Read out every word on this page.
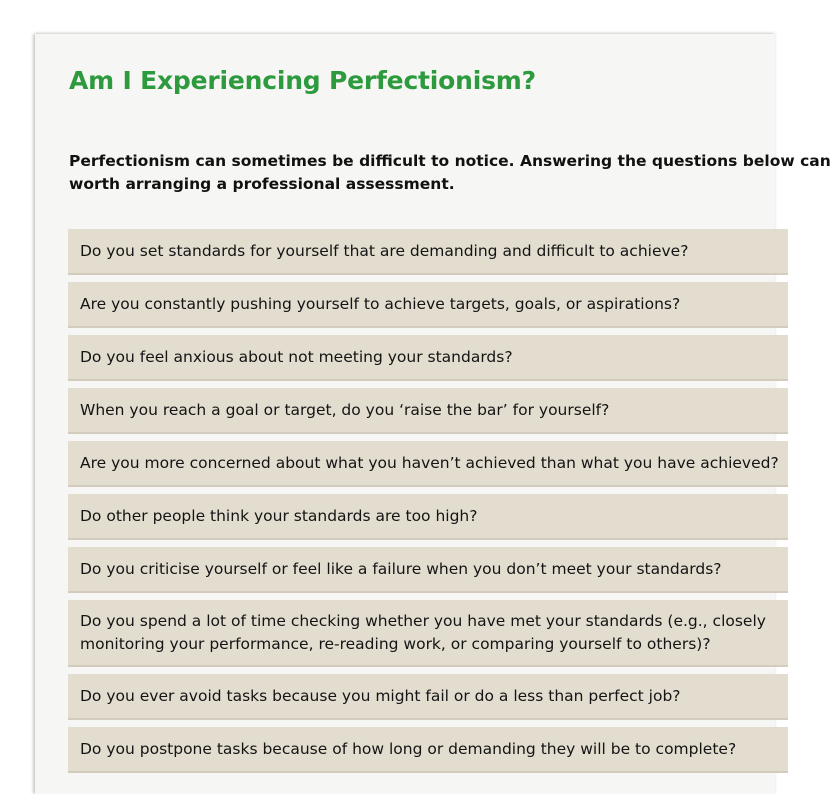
Am I Experiencing Perfectionism?

Perfectionism can sometimes be difficult to notice. Answering the questions below can
worth arranging a professional assessment.

Do you set standards for yourself that are demanding and difficult to achieve?
Are you constantly pushing yourself to achieve targets, goals, or aspirations?
Do you feel anxious about not meeting your standards?
When you reach a goal or target, do you ‘raise the bar’ for yourself?
Are you more concerned about what you haven’t achieved than what you have achieved?
Do other people think your standards are too high?
Do you criticise yourself or feel like a failure when you don’t meet your standards?
Do you spend a lot of time checking whether you have met your standards (e.g., closely
monitoring your performance, re-reading work, or comparing yourself to others)?
Do you ever avoid tasks because you might fail or do a less than perfect job?
Do you postpone tasks because of how long or demanding they will be to complete?
